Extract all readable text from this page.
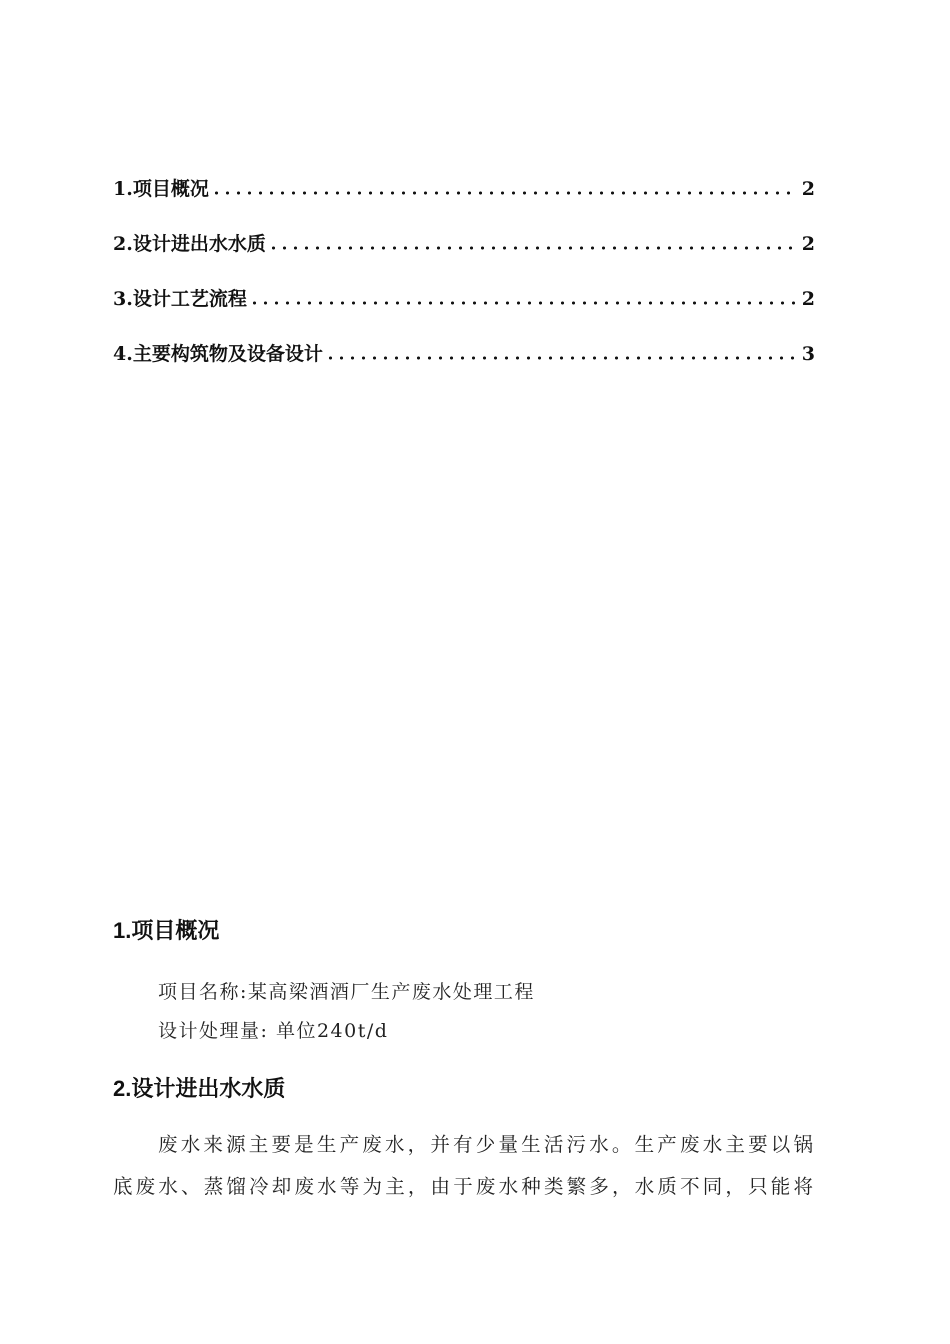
1.项目概况	2
2.设计进出水水质	2
3.设计工艺流程	2
4.主要构筑物及设备设计	3
1.项目概况

项目名称:某高梁酒酒厂生产废水处理工程

设计处理量: 单位240t/d

2.设计进出水水质

废水来源主要是生产废水，并有少量生活污水。生产废水主要以锅

底废水、蒸馏冷却废水等为主，由于废水种类繁多，水质不同，只能将
